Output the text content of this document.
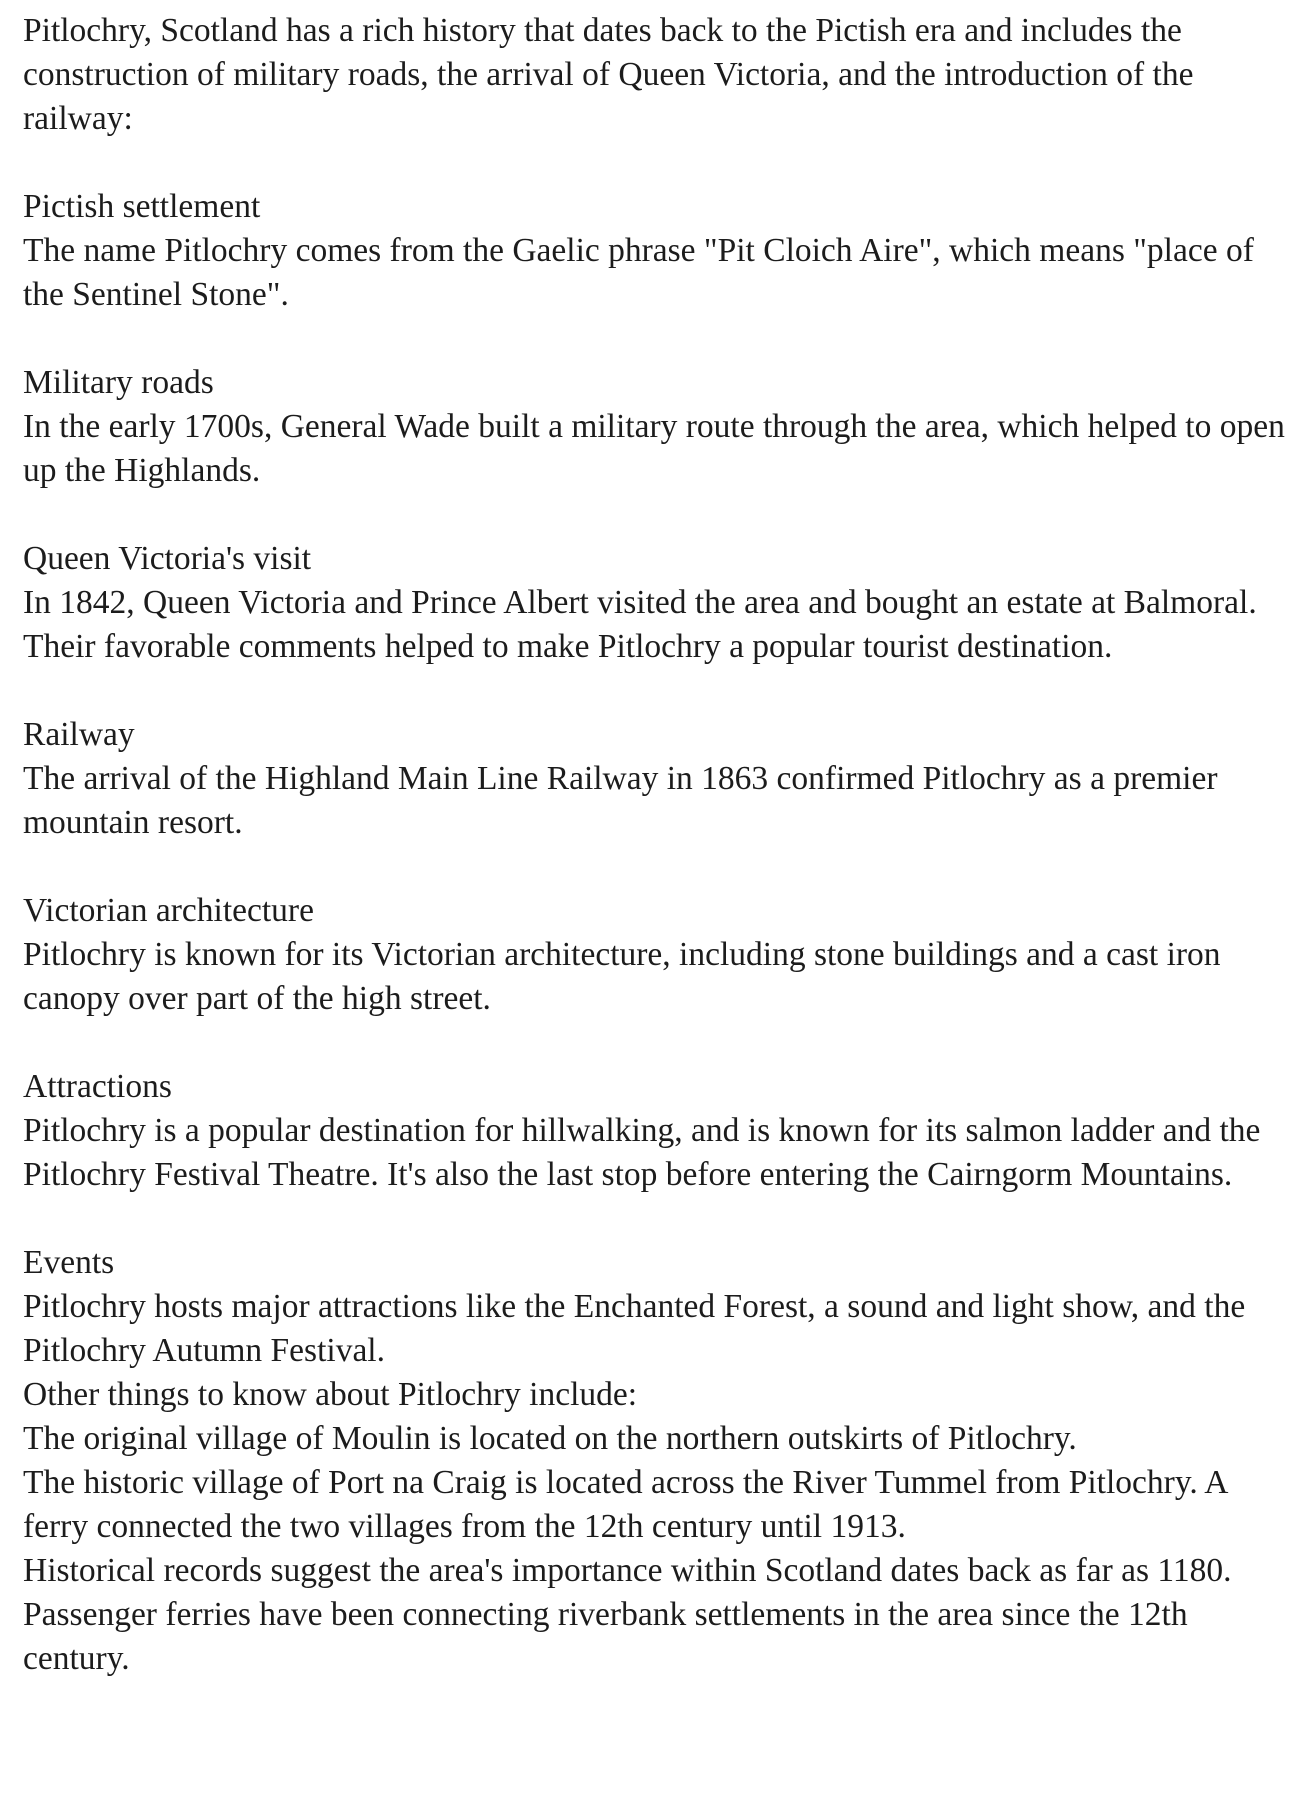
Pitlochry, Scotland has a rich history that dates back to the Pictish era and includes the construction of military roads, the arrival of Queen Victoria, and the introduction of the railway:

Pictish settlement

The name Pitlochry comes from the Gaelic phrase "Pit Cloich Aire", which means "place of the Sentinel Stone".

Military roads

In the early 1700s, General Wade built a military route through the area, which helped to open up the Highlands.

Queen Victoria's visit

In 1842, Queen Victoria and Prince Albert visited the area and bought an estate at Balmoral. Their favorable comments helped to make Pitlochry a popular tourist destination.

Railway

The arrival of the Highland Main Line Railway in 1863 confirmed Pitlochry as a premier mountain resort.

Victorian architecture

Pitlochry is known for its Victorian architecture, including stone buildings and a cast iron canopy over part of the high street.

Attractions

Pitlochry is a popular destination for hillwalking, and is known for its salmon ladder and the Pitlochry Festival Theatre. It's also the last stop before entering the Cairngorm Mountains.

Events

Pitlochry hosts major attractions like the Enchanted Forest, a sound and light show, and the Pitlochry Autumn Festival.

Other things to know about Pitlochry include:

The original village of Moulin is located on the northern outskirts of Pitlochry.

The historic village of Port na Craig is located across the River Tummel from Pitlochry. A ferry connected the two villages from the 12th century until 1913.

Historical records suggest the area's importance within Scotland dates back as far as 1180.

Passenger ferries have been connecting riverbank settlements in the area since the 12th century.
